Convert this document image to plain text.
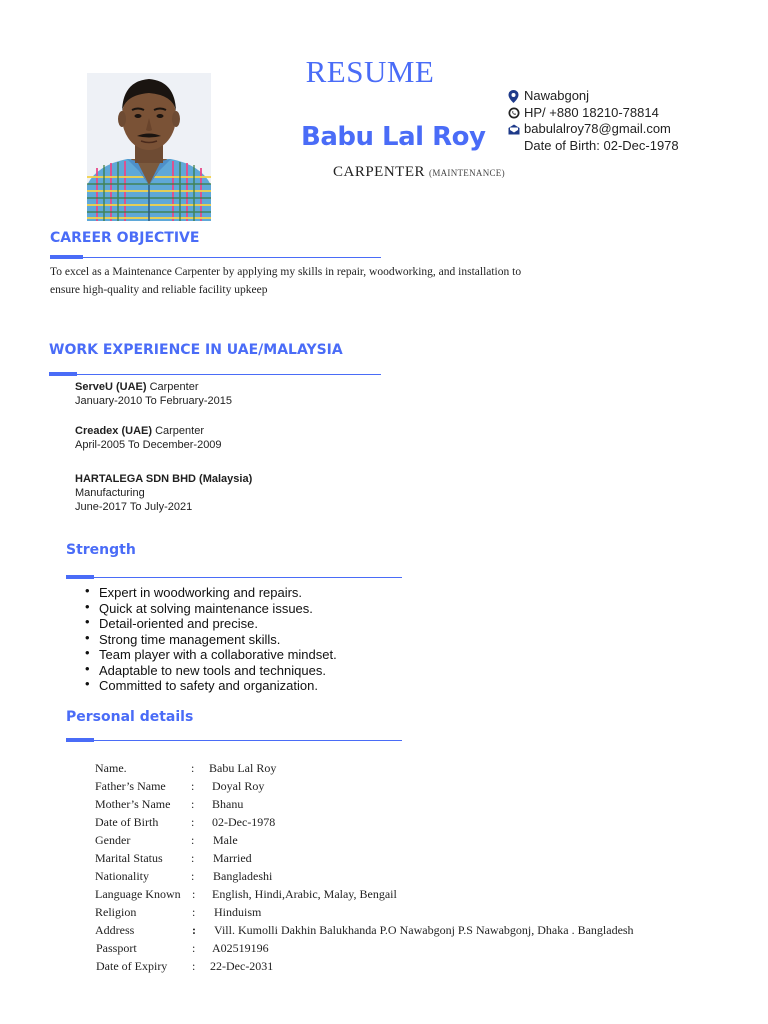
RESUME
Babu Lal Roy
CARPENTER (MAINTENANCE)
Nawabgonj
HP/ +880 18210-78814
babulalroy78@gmail.com
Date of Birth: 02-Dec-1978
CAREER OBJECTIVE
To excel as a Maintenance Carpenter by applying my skills in repair, woodworking, and installation to
ensure high-quality and reliable facility upkeep
WORK EXPERIENCE IN UAE/MALAYSIA
ServeU (UAE) Carpenter
January-2010 To February-2015
Creadex (UAE) Carpenter
April-2005 To December-2009
HARTALEGA SDN BHD (Malaysia)
Manufacturing
June-2017 To July-2021
Strength
• Expert in woodworking and repairs.
• Quick at solving maintenance issues.
• Detail-oriented and precise.
• Strong time management skills.
• Team player with a collaborative mindset.
• Adaptable to new tools and techniques.
• Committed to safety and organization.
Personal details
Name.	: Babu Lal Roy
Father’s Name : Doyal Roy
Mother’s Name : Bhanu
Date of Birth	: 02-Dec-1978
Gender	: Male
Marital Status : Married
Nationality	: Bangladeshi
Language Known : English, Hindi,Arabic, Malay, Bengail
Religion	: Hinduism
Address	: Vill. Kumolli Dakhin Balukhanda P.O Nawabgonj P.S Nawabgonj, Dhaka . Bangladesh
Passport	: A02519196
Date of Expiry : 22-Dec-2031
